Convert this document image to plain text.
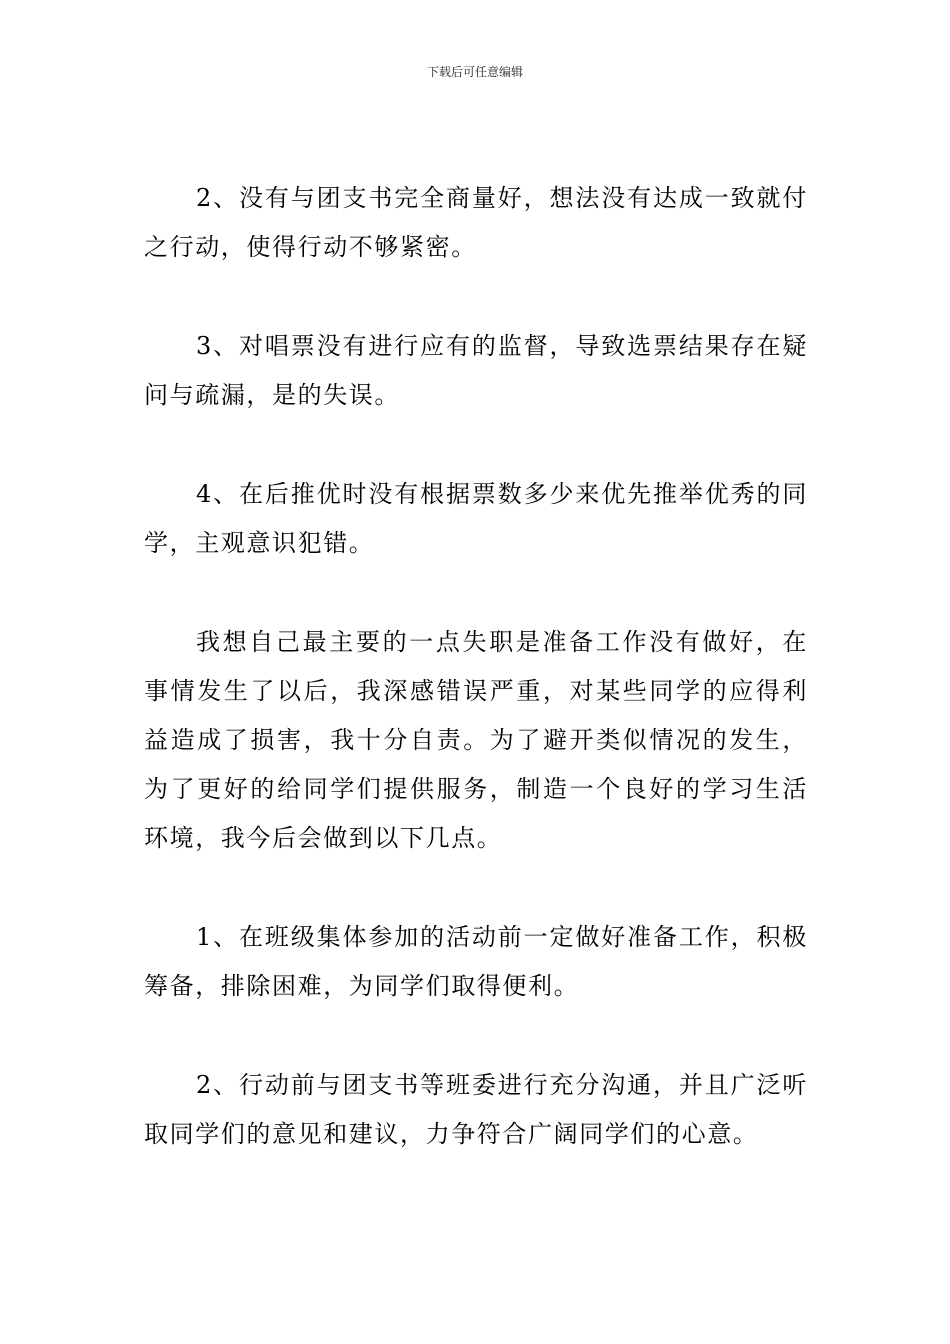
下载后可任意编辑

2、没有与团支书完全商量好，想法没有达成一致就付之行动，使得行动不够紧密。

3、对唱票没有进行应有的监督，导致选票结果存在疑问与疏漏，是的失误。

4、在后推优时没有根据票数多少来优先推举优秀的同学，主观意识犯错。

我想自己最主要的一点失职是准备工作没有做好，在事情发生了以后，我深感错误严重，对某些同学的应得利益造成了损害，我十分自责。为了避开类似情况的发生，为了更好的给同学们提供服务，制造一个良好的学习生活环境，我今后会做到以下几点。

1、在班级集体参加的活动前一定做好准备工作，积极筹备，排除困难，为同学们取得便利。

2、行动前与团支书等班委进行充分沟通，并且广泛听取同学们的意见和建议，力争符合广阔同学们的心意。
